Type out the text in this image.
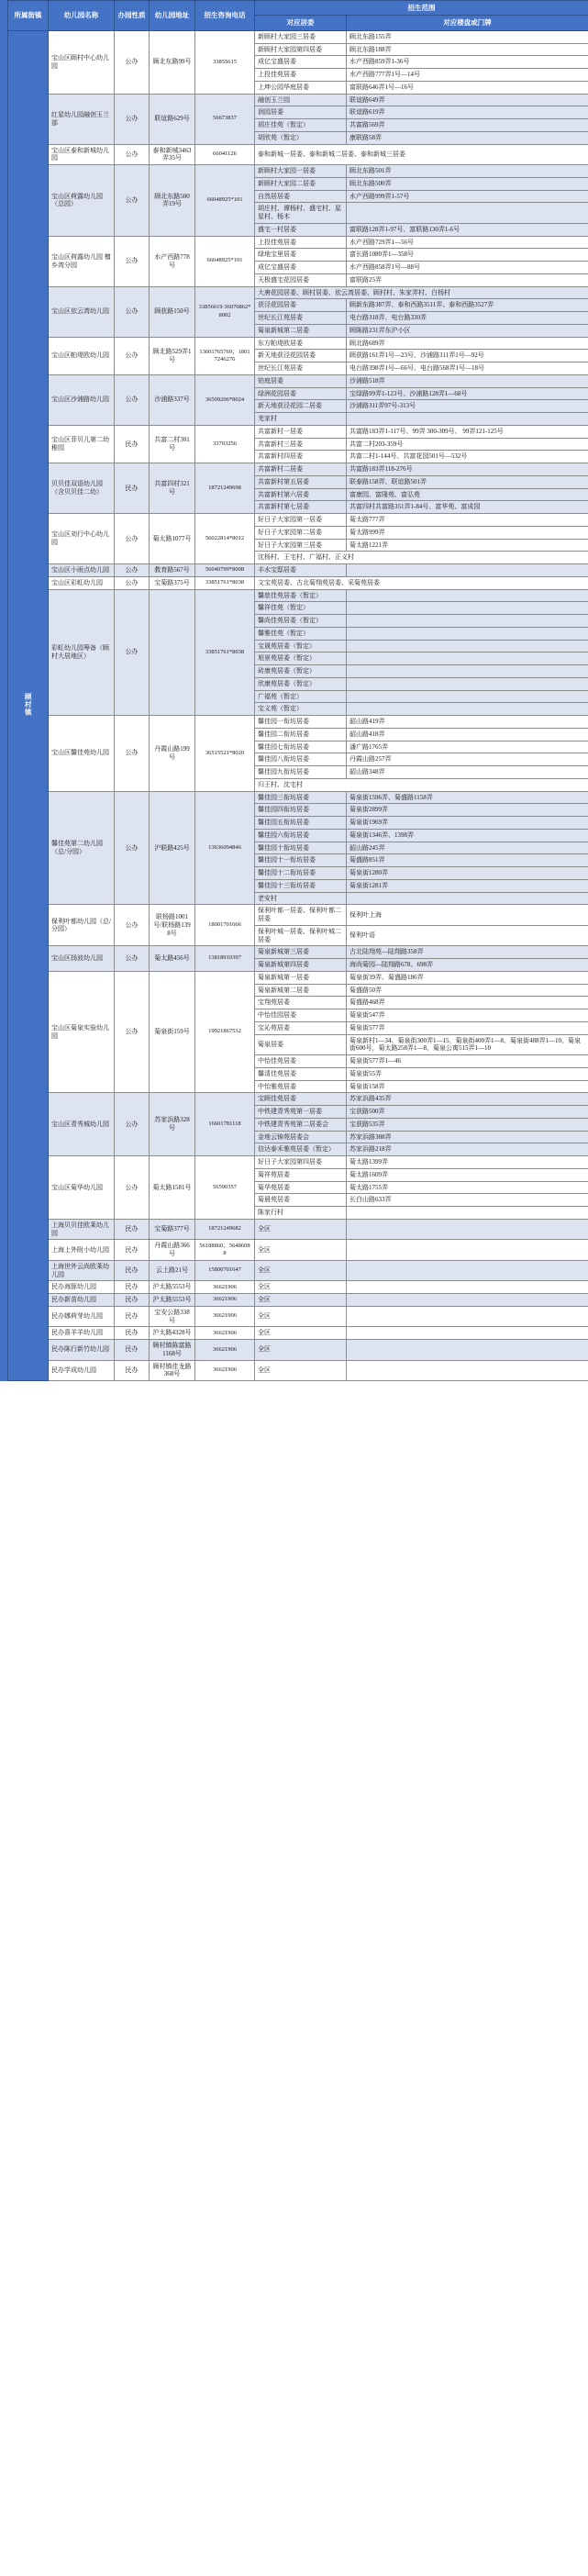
所属街镇	幼儿园名称	办园性质	幼儿园地址	招生咨询电话	招生范围	
					对应居委	对应楼盘或门牌
顾村镇	宝山区顾村中心幼儿园	公办	顾北东路99号	33855615	新顾村大家园三居委	顾北东路155弄
					新顾村大家园第四居委	顾北东路188弄
					成亿宝盛居委	水产西路859弄1-36号
					上投佳苑居委	水产西路777弄1号—14号
					上坤公园华庭居委	富联路646弄1号—16号
	红星幼儿园融创玉兰部	公办	联谊路629号	56673837	融创玉兰园	联谊路649弄
					润园居委	联谊路619弄
					胡庄佳苑（暂定）	共富路569弄
					胡欣苑（暂定）	康联路58弄
	宝山区泰和新城幼儿园	公办	泰和新城3463弄35号	66041126	泰和新城一居委、泰和新城二居委、泰和新城三居委	
	宝山区荷露幼儿园（总园）	公办	顾北东路500弄19号	66048925*101	新顾村大家园一居委	顾北东路501弄
					新顾村大家园二居委	顾北东路500弄
					自然居居委	水产西路999弄1-57号
					胡庄村、谭杨村、盛宅村、星星村、杨木	
					盛宅一村居委	富联路128弄1-97号、富联路130弄1-6号
	宝山区荷露幼儿园 檀乡湾分园	公办	水产西路778号	66048925*101	上投佳苑居委	水产西路729弄1—56号
					绿地宝里居委	富长路1080弄1—358号
					成亿宝盛居委	水产西路858弄1号—88号
					天极盛宅花园居委	富联路25弄
	宝山区依云湾幼儿园	公办	顾获路150号	33856619 36070862*8002	大唐花园居委、顾村居委、依云湾居委、顾村村、朱家弄村、白杨村	
					获泾花园居委	顾新东路387弄、泰和西路3511弄、泰和西路3527弄
					世纪长江苑居委	电台路318弄、电台路330弄
					菊泉新城第二居委	顾陈路231弄东沪小区
	宝山区帕堤欧幼儿园	公办	顾北路529弄1号	13601765769；18017246276	东方帕堤欧居委	顾北路689弄
					新天地获泾花园居委	顾获路161弄1号—23号、沙浦路311弄1号—92号
					世纪长江苑居委	电台路398弄1号—66号、电台路568弄1号—18号
	宝山区沙浦路幼儿园	公办	沙浦路337号	36509206*8024	铂庭居委	沙浦路518弄
					绿洲花园居委	宝绿路99弄1-123号、沙浦路128弄1—68号
					新天地获泾花园二居委	沙浦路311弄97号-313号
					羌家村	
	宝山区菲贝儿第二幼稚园	民办	共富二村301号	33703256	共富新村一居委	共富路183弄1-117号、99弄 300-309号、 99弄121-125号
					共富新村三居委	共富二村203-359号
					共富新村四居委	共富二村1-144号、共富花园501号—532号
	贝贝佳双语幼儿园 （含贝贝佳二幼）	民办	共富四村321号	18721249698	共富新村二居委	共富路183弄118-276号
					共富新村第五居委	联泰路158弄、联谊路501弄
					共富新村第六居委	富康园、富隆苑、富弘苑
					共富新村第七居委	共富四村共富路351弄1-84号、富华苑、富成园
	宝山区刘行中心幼儿园	公办	菊太路1077号	56022814*8012	好日子大家园第一居委	菊太路777弄
					好日子大家园第二居委	菊太路999弄
					好日子大家园第三居委	菊太路1221弄
					沈杨村、王宅村、广福村、正义村	
	宝山区小雨点幼儿园	公办	教育路567号	56040799*8008	丰水宝邸居委	
	宝山区彩虹幼儿园	公办	宝菊路375号	33851761*8038	文宝苑居委、古北菊翔苑居委、采菊苑居委	
	彩虹幼儿园筹备（顾村大居地区）	公办		33851761*8038	馨慈佳苑居委（暂定）	
					馨祥佳苑（暂定）	
					馨尚佳苑居委（暂定）	
					馨雅佳苑（暂定）	
					宝晟苑居委（暂定）	
					旭景苑居委（暂定）	
					砖康苑居委（暂定）	
					欣康苑居委（暂定）	
					广福苑（暂定）	
					宝义苑（暂定）	
	宝山区馨佳苑幼儿园	公办	丹霞山路199号	36515521*8020	馨佳园一衔坊居委	韶山路419弄
					馨佳园二衔坊居委	韶山路418弄
					馨佳园七衔坊居委	潘广路1765弄
					馨佳园八衔坊居委	丹霞山路257弄
					馨佳园九衔坊居委	韶山路348弄
					归王村、沈宅村	
	馨佳苑第二幼儿园 （总/分园）	公办	沪联路425号	13636094846	馨佳园三衔坊居委	菊泉街1596弄、菊盛路1158弄
					馨佳园四衔坊居委	菊泉街2899弄
					馨佳园五衔坊居委	菊泉街1969弄
					馨佳园六衔坊居委	菊泉街1346弄、1398弄
					馨佳园十衔坊居委	韶山路245弄
					馨佳园十一衔坊居委	菊盛路851弄
					馨佳园十二衔坊居委	菊泉街1280弄
					馨佳园十三衔坊居委	菊泉街1281弄
					老安村	
	保利叶都幼儿园（总/分园）	公办	联杨路1001号/联杨路1398号	18001701666	保利叶都一居委、保利叶都二居委	保利叶上海
					保利叶城一居委、保利叶城二居委	保利叶语
	宝山区扬波幼儿园	公办	菊太路456号	13818910397	菊泉新城第三居委	古北陆翔苑—陆翔路358弄
					菊泉新城第四居委	海尚菊园—陆翔路678、698弄
	宝山区菊泉实验幼儿园	公办	菊泉街159号	19921867532	菊泉新城第一居委	菊泉街39弄、菊盛路186弄
					菊泉新城第二居委	菊盛路50弄
					宝翔苑居委	菊盛路468弄
					中怡佳园居委	菊泉街547弄
					宝沁苑居委	菊泉街577弄
					菊泉居委	菊泉新村1—34、菊泉街300弄1—15、菊泉街400弄1—8、菊泉街488弄1—10、菊泉街600号，菊太路258弄1—8、菊泉公寓515弄1—10
					中怡佳苑居委	菊泉街577弄1—46
					馨清佳苑居委	菊泉街55弄
					中怡雅苑居委	菊泉街158弄
	宝山区青秀城幼儿园	公办	苏家浜路328号	16601781118	宝顾佳苑居委	苏家浜路435弄
					中铁建青秀苑第一居委	宝获路500弄
					中铁建青秀苑第二居委会	宝获路535弄
					金地云锦苑居委会	苏家浜路388弄
					信达泰禾雅苑居委（暂定）	苏家浜路218弄
	宝山区菊华幼儿园	公办	菊太路1581号	56590357	好日子大家园第四居委	菊太路1399弄
					菊祥苑居委	菊太路1609弄
					菊华苑居委	菊太路1755弄
					菊晨苑居委	长白山路633弄
					陈家行村	
	上海贝贝佳欧莱幼儿园	民办	宝菊路377号	18721249682	全区	
	上海上外附小幼儿园	民办	丹霞山路366号	56188860；56486088	全区	
	上海世外云尚欧莱幼儿园	民办	云上路21号	15800701647	全区	
	民办海豚幼儿园	民办	沪太路5553号	36621906	全区	
	民办新苗幼儿园	民办	沪太路5553号	36621906	全区	
	民办娜荷芽幼儿园	民办	宝安公路338号	36621906	全区	
	民办喜羊羊幼儿园	民办	沪太路4328号	36621906	全区	
	民办陈行新竹幼儿园	民办	顾村镇陈富路1168号	36621906	全区	
	民办学成幼儿园	民办	顾村镇佳龙路368号	36621906	全区	
